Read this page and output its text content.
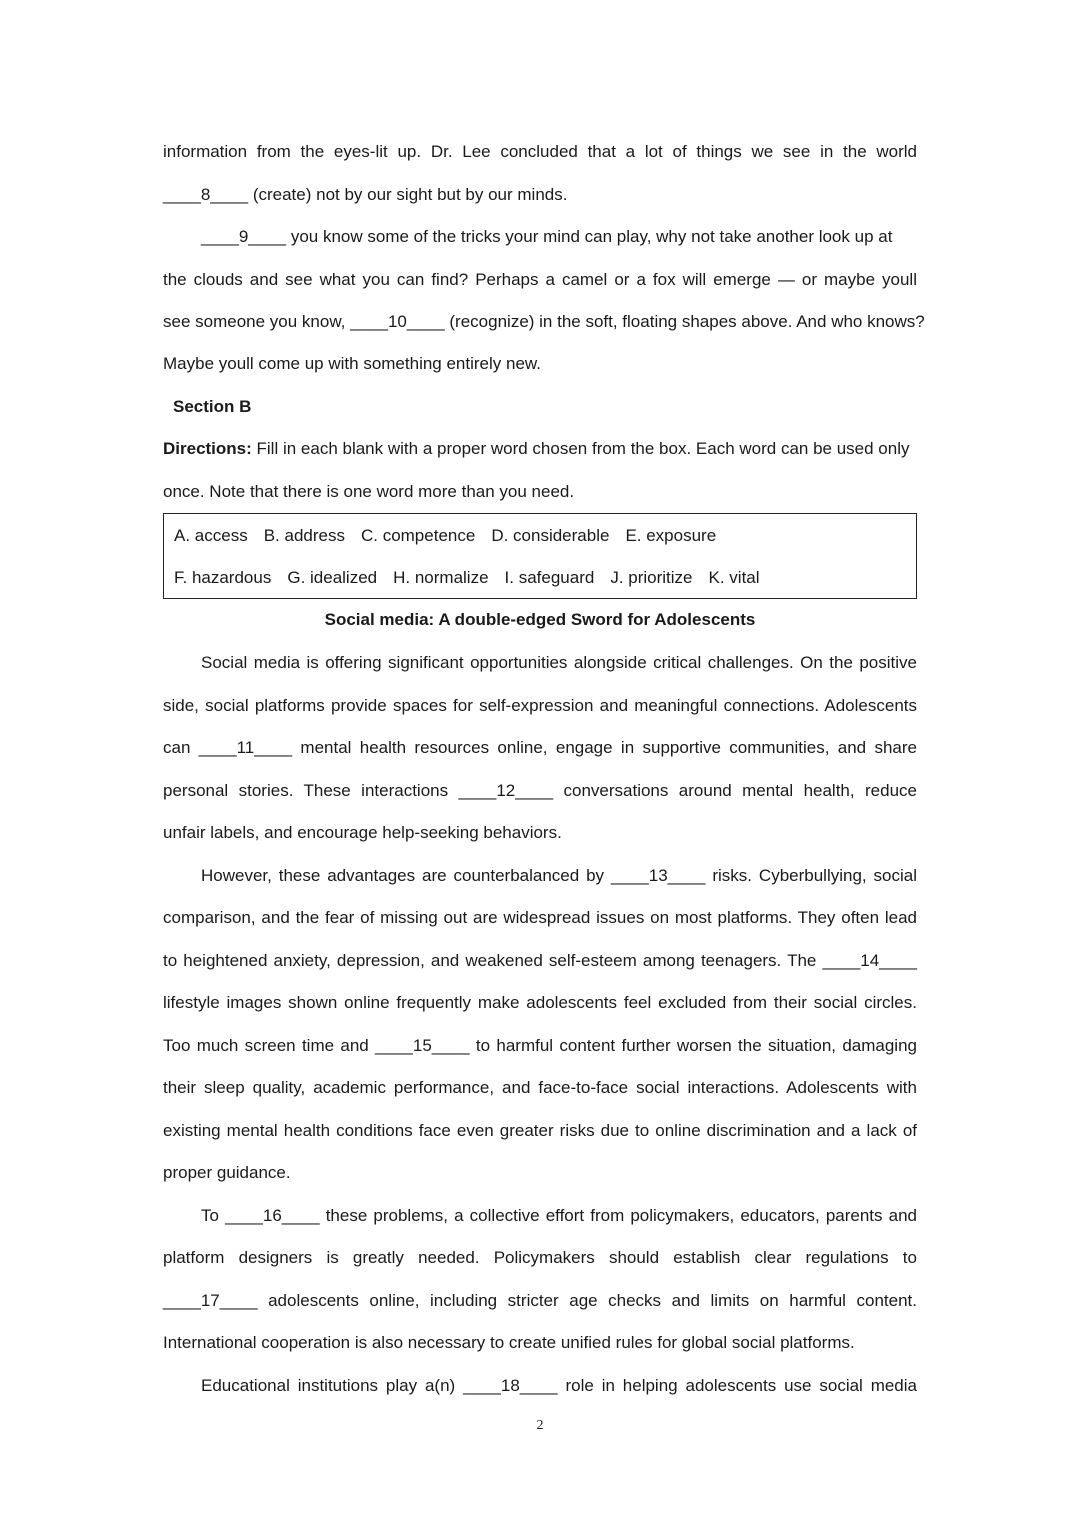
information from the eyes-lit up. Dr. Lee concluded that a lot of things we see in the world
____8____ (create) not by our sight but by our minds.
____9____ you know some of the tricks your mind can play, why not take another look up at
the clouds and see what you can find? Perhaps a camel or a fox will emerge — or maybe youll
see someone you know, ____10____ (recognize) in the soft, floating shapes above. And who knows?
Maybe youll come up with something entirely new.
Section B
Directions: Fill in each blank with a proper word chosen from the box. Each word can be used only
once. Note that there is one word more than you need.
A. access B. address C. competence D. considerable E. exposure
F. hazardous G. idealized H. normalize I. safeguard J. prioritize K. vital
Social media: A double-edged Sword for Adolescents
Social media is offering significant opportunities alongside critical challenges. On the positive
side, social platforms provide spaces for self-expression and meaningful connections. Adolescents
can ____11____ mental health resources online, engage in supportive communities, and share
personal stories. These interactions ____12____ conversations around mental health, reduce
unfair labels, and encourage help-seeking behaviors.
However, these advantages are counterbalanced by ____13____ risks. Cyberbullying, social
comparison, and the fear of missing out are widespread issues on most platforms. They often lead
to heightened anxiety, depression, and weakened self-esteem among teenagers. The ____14____
lifestyle images shown online frequently make adolescents feel excluded from their social circles.
Too much screen time and ____15____ to harmful content further worsen the situation, damaging
their sleep quality, academic performance, and face-to-face social interactions. Adolescents with
existing mental health conditions face even greater risks due to online discrimination and a lack of
proper guidance.
To ____16____ these problems, a collective effort from policymakers, educators, parents and
platform designers is greatly needed. Policymakers should establish clear regulations to
____17____ adolescents online, including stricter age checks and limits on harmful content.
International cooperation is also necessary to create unified rules for global social platforms.
Educational institutions play a(n) ____18____ role in helping adolescents use social media
2
